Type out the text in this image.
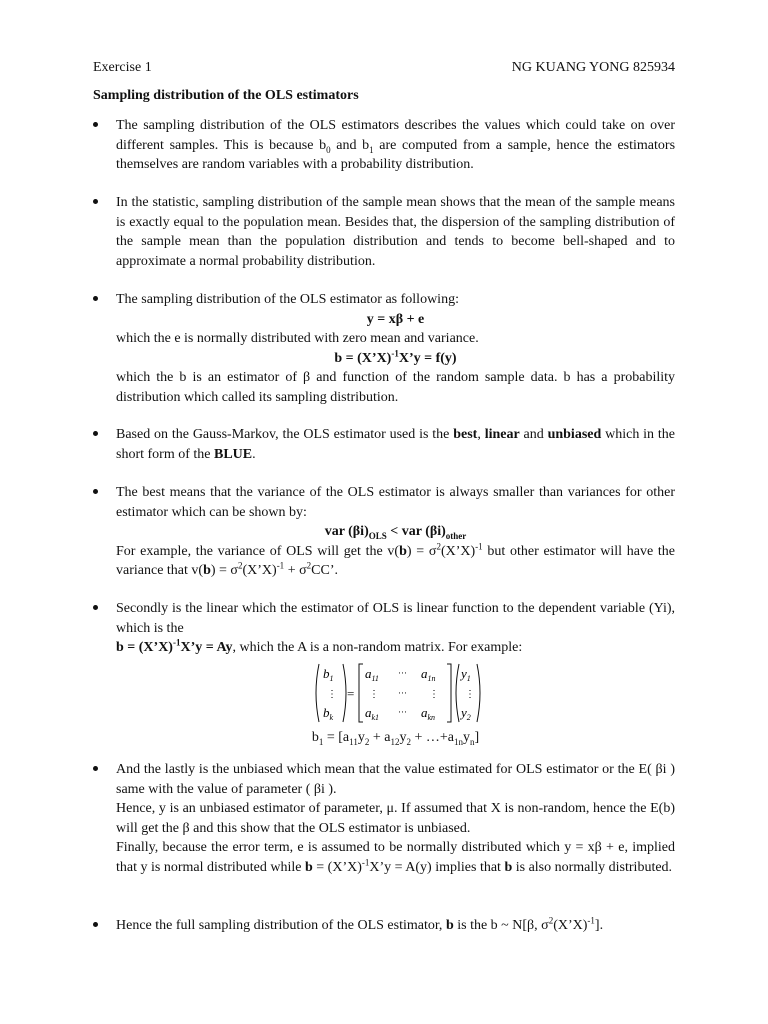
Exercise 1	NG KUANG YONG 825934
Sampling distribution of the OLS estimators

The sampling distribution of the OLS estimators describes the values which could take on over different samples. This is because $b_0$ and $b_1$ are computed from a sample, hence the estimators themselves are random variables with a probability distribution.

In the statistic, sampling distribution of the sample mean shows that the mean of the sample means is exactly equal to the population mean. Besides that, the dispersion of the sampling distribution of the sample mean than the population distribution and tends to become bell-shaped and to approximate a normal probability distribution.

The sampling distribution of the OLS estimator as following:

y = xβ + e

which the e is normally distributed with zero mean and variance.

b = (X’X)$^{-1}$X’y = f(y)

which the b is an estimator of β and function of the random sample data. b has a probability distribution which called its sampling distribution.

Based on the Gauss-Markov, the OLS estimator used is the best, linear and unbiased which in the short form of the BLUE.

The best means that the variance of the OLS estimator is always smaller than variances for other estimator which can be shown by:

var $(\beta i)_{OLS}$ < var $(\beta i)_{other}$

For example, the variance of OLS will get the $v(b) = \sigma^2(X’X)^{-1}$ but other estimator will have the variance that $v(b) = \sigma^2(X’X)^{-1} + \sigma^2CC$’.

Secondly is the linear which the estimator of OLS is linear function to the dependent variable (Yi), which is the

b = (X’X)$^{-1}$X’y = Ay, which the A is a non-random matrix. For example:

$b_1$
⋮
$b_k$
=
$a_{11}$
··· $a_{1n}$
⋮ ··· ⋮
$a_{k1}$
··· $a_{kn}$
$y_1$
⋮
$y_2$

$b_1 = [a_{11}y_2 + a_{12}y_2$ + $\dots+a_{1n}y_n$]

And the lastly is the unbiased which mean that the value estimated for OLS estimator or the E( βi ) same with the value of parameter ( βi ).

Hence, y is an unbiased estimator of parameter, μ. If assumed that X is non-random, hence the E(b) will get the β and this show that the OLS estimator is unbiased.

Finally, because the error term, e is assumed to be normally distributed which y = xβ + e, implied that y is normal distributed while b = (X’X)$^{-1}$X’y = A(y) implies that b is also normally distributed.

Hence the full sampling distribution of the OLS estimator, b is the b ~ N[β, $\sigma^2(X’X)^{-1}$].
